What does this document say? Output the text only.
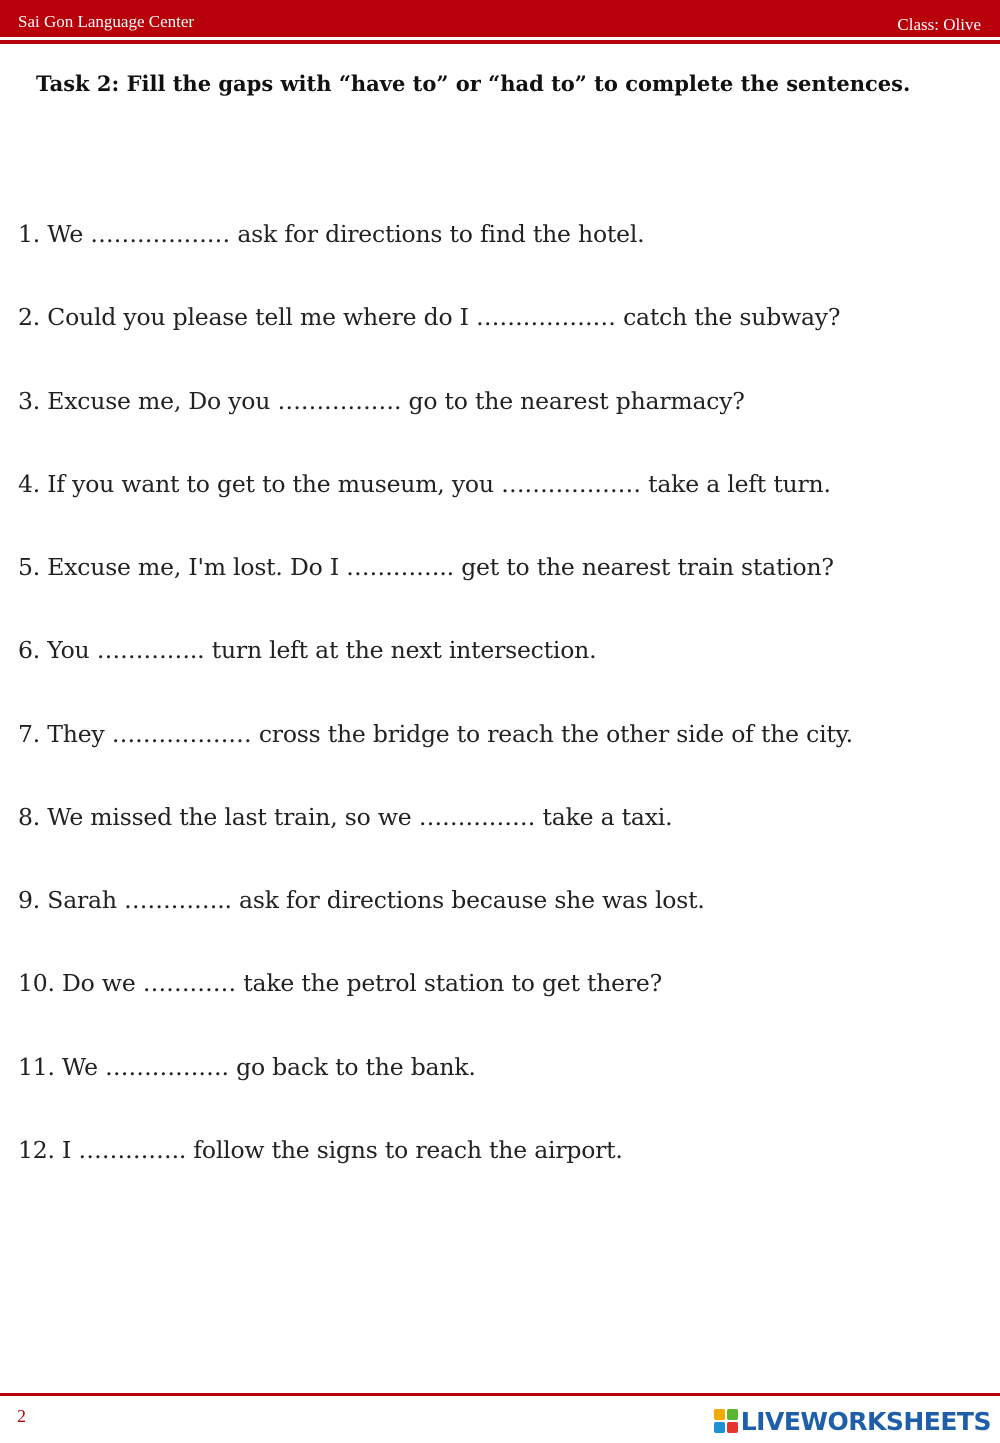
Sai Gon Language Center	Class: Olive
Task 2: Fill the gaps with “have to” or “had to” to complete the sentences.
1. We ……………… ask for directions to find the hotel.
2. Could you please tell me where do I ……………… catch the subway?
3. Excuse me, Do you ……………. go to the nearest pharmacy?
4. If you want to get to the museum, you ……………… take a left turn.
5. Excuse me, I'm lost. Do I ………….. get to the nearest train station?
6. You ………….. turn left at the next intersection.
7. They ……………… cross the bridge to reach the other side of the city.
8. We missed the last train, so we …………… take a taxi.
9. Sarah ………….. ask for directions because she was lost.
10. Do we ………… take the petrol station to get there?
11. We ……………. go back to the bank.
12. I ………….. follow the signs to reach the airport.
2	LIVEWORKSHEETS
